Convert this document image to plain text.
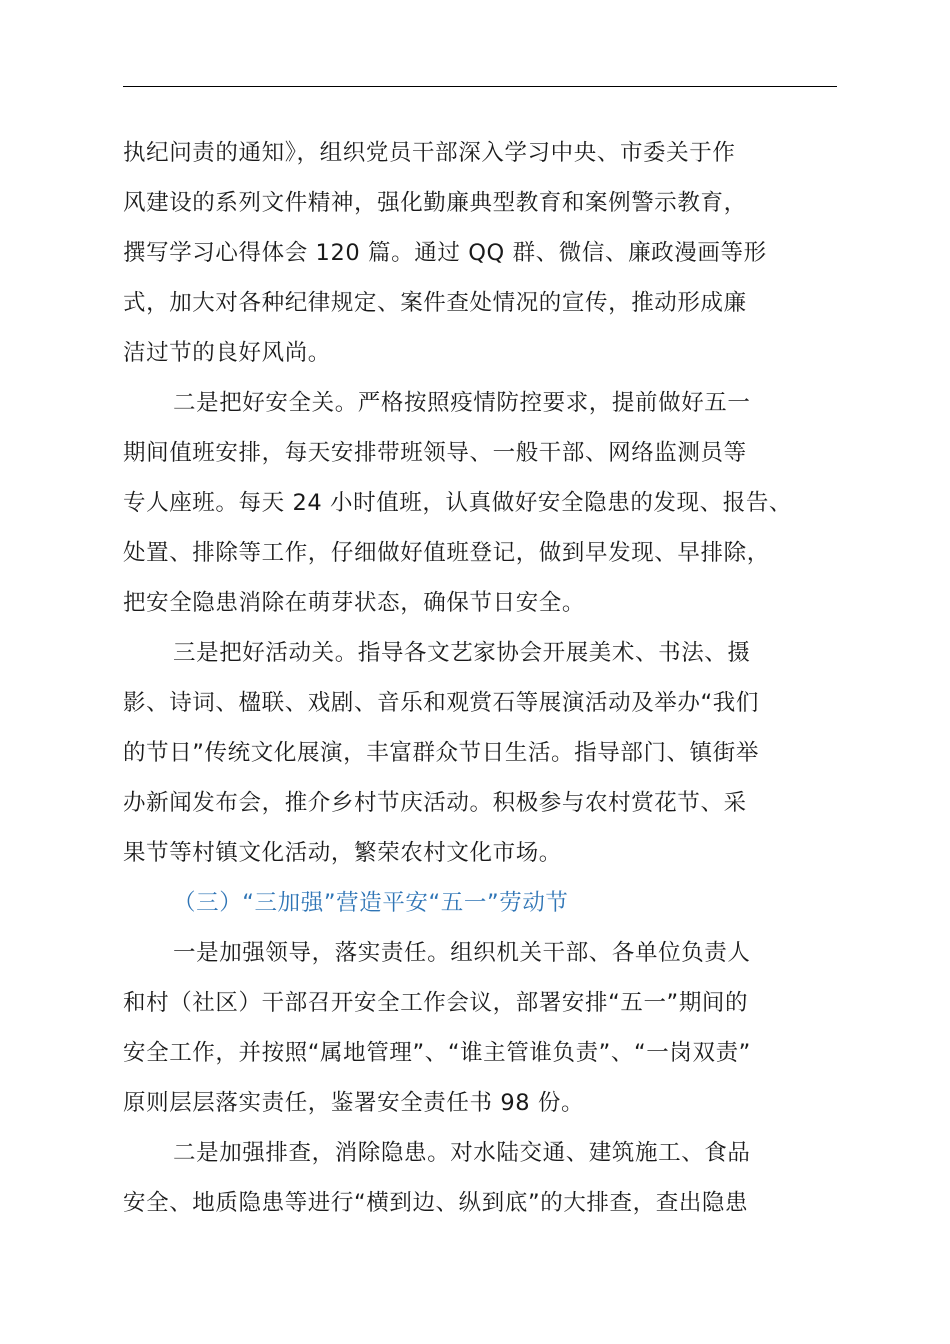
执纪问责的通知》，组织党员干部深入学习中央、市委关于作
风建设的系列文件精神，强化勤廉典型教育和案例警示教育，
撰写学习心得体会 120 篇。通过 QQ 群、微信、廉政漫画等形
式，加大对各种纪律规定、案件查处情况的宣传，推动形成廉
洁过节的良好风尚。
二是把好安全关。严格按照疫情防控要求，提前做好五一
期间值班安排，每天安排带班领导、一般干部、网络监测员等
专人座班。每天 24 小时值班，认真做好安全隐患的发现、报告、
处置、排除等工作，仔细做好值班登记，做到早发现、早排除，
把安全隐患消除在萌芽状态，确保节日安全。
三是把好活动关。指导各文艺家协会开展美术、书法、摄
影、诗词、楹联、戏剧、音乐和观赏石等展演活动及举办“我们
的节日”传统文化展演，丰富群众节日生活。指导部门、镇街举
办新闻发布会，推介乡村节庆活动。积极参与农村赏花节、采
果节等村镇文化活动，繁荣农村文化市场。
（三）“三加强”营造平安“五一”劳动节
一是加强领导，落实责任。组织机关干部、各单位负责人
和村（社区）干部召开安全工作会议，部署安排“五一”期间的
安全工作，并按照“属地管理”、“谁主管谁负责”、“一岗双责”
原则层层落实责任，鉴署安全责任书 98 份。
二是加强排查，消除隐患。对水陆交通、建筑施工、食品
安全、地质隐患等进行“横到边、纵到底”的大排查，查出隐患
